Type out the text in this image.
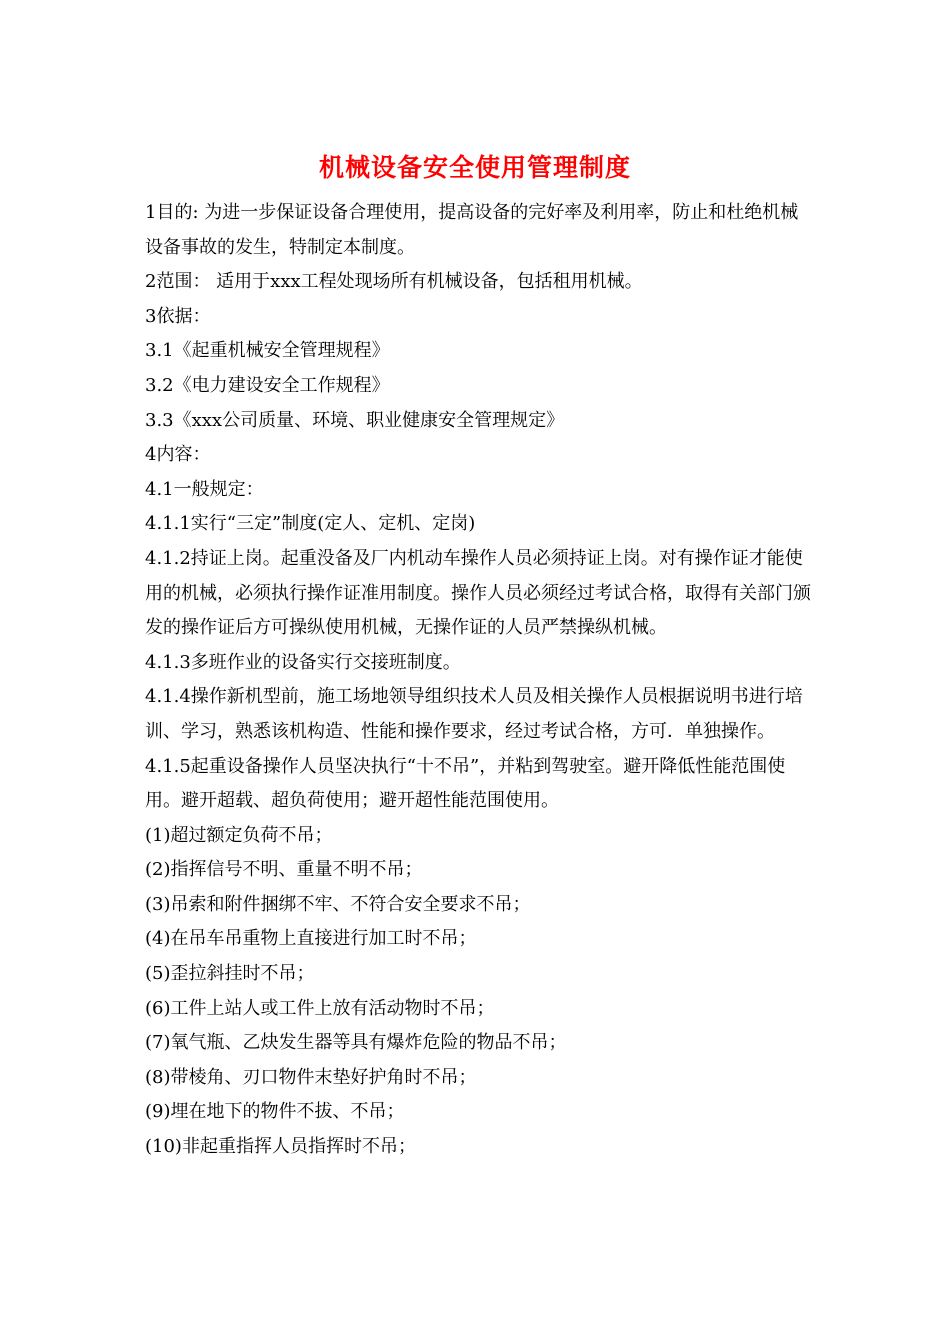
机械设备安全使用管理制度

1目的: 为进一步保证设备合理使用，提高设备的完好率及利用率，防止和杜绝机械设备事故的发生，特制定本制度。

2范围： 适用于xxx工程处现场所有机械设备，包括租用机械。

3依据：

3.1《起重机械安全管理规程》

3.2《电力建设安全工作规程》

3.3《xxx公司质量、环境、职业健康安全管理规定》

4内容：

4.1一般规定：

4.1.1实行“三定”制度(定人、定机、定岗)

4.1.2持证上岗。起重没备及厂内机动车操作人员必须持证上岗。对有操作证才能使用的机械，必须执行操作证准用制度。操作人员必须经过考试合格，取得有关部门颁发的操作证后方可操纵使用机械，无操作证的人员严禁操纵机械。

4.1.3多班作业的设备实行交接班制度。

4.1.4操作新机型前，施工场地领导组织技术人员及相关操作人员根据说明书进行培训、学习，熟悉该机构造、性能和操作要求，经过考试合格，方可．单独操作。

4.1.5起重设备操作人员坚决执行“十不吊”，并粘到驾驶室。避开降低性能范围使用。避开超载、超负荷使用；避开超性能范围使用。

(1)超过额定负荷不吊；

(2)指挥信号不明、重量不明不吊；

(3)吊索和附件捆绑不牢、不符合安全要求不吊；

(4)在吊车吊重物上直接进行加工时不吊；

(5)歪拉斜挂时不吊；

(6)工件上站人或工件上放有活动物时不吊；

(7)氧气瓶、乙炔发生器等具有爆炸危险的物品不吊；

(8)带棱角、刃口物件末垫好护角时不吊；

(9)埋在地下的物件不拔、不吊；

(10)非起重指挥人员指挥时不吊；
